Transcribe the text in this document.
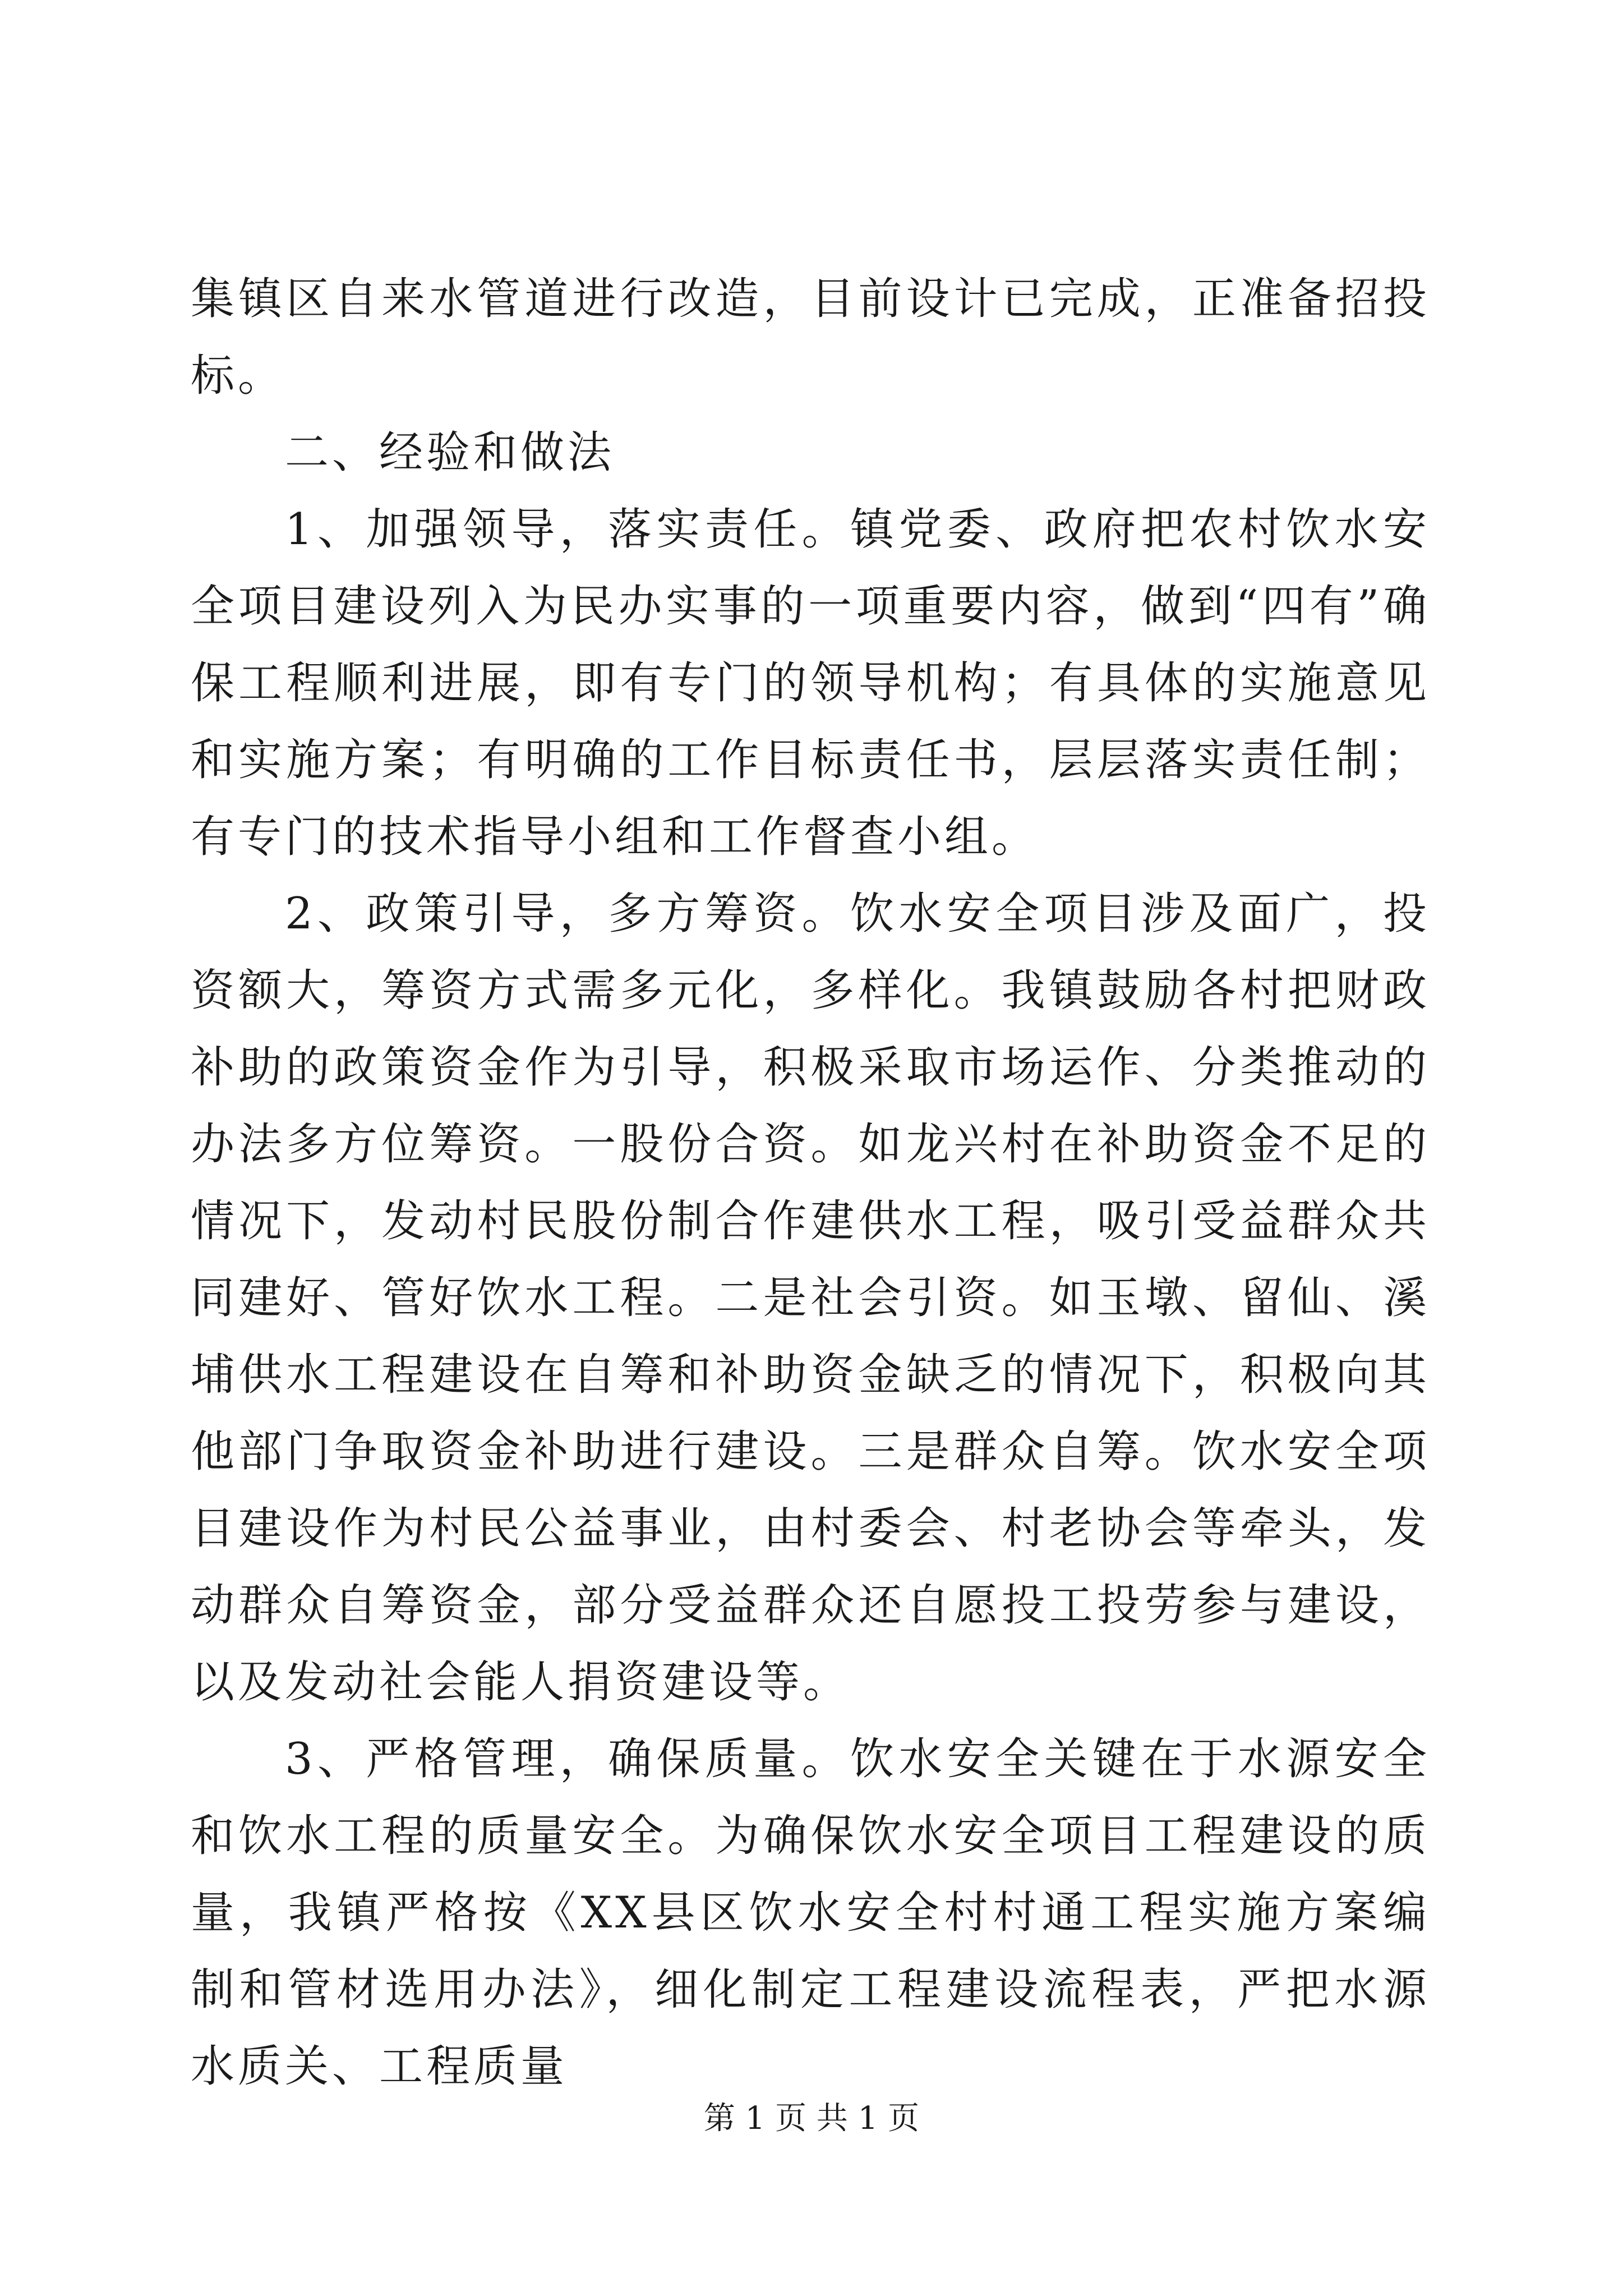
集镇区自来水管道进行改造，目前设计已完成，正准备招投标。

二、经验和做法

1、加强领导，落实责任。镇党委、政府把农村饮水安全项目建设列入为民办实事的一项重要内容，做到“四有”确保工程顺利进展，即有专门的领导机构；有具体的实施意见和实施方案；有明确的工作目标责任书，层层落实责任制；有专门的技术指导小组和工作督查小组。

2、政策引导，多方筹资。饮水安全项目涉及面广，投资额大，筹资方式需多元化，多样化。我镇鼓励各村把财政补助的政策资金作为引导，积极采取市场运作、分类推动的办法多方位筹资。一股份合资。如龙兴村在补助资金不足的情况下，发动村民股份制合作建供水工程，吸引受益群众共同建好、管好饮水工程。二是社会引资。如玉墩、留仙、溪埔供水工程建设在自筹和补助资金缺乏的情况下，积极向其他部门争取资金补助进行建设。三是群众自筹。饮水安全项目建设作为村民公益事业，由村委会、村老协会等牵头，发动群众自筹资金，部分受益群众还自愿投工投劳参与建设，以及发动社会能人捐资建设等。

3、严格管理，确保质量。饮水安全关键在于水源安全和饮水工程的质量安全。为确保饮水安全项目工程建设的质量，我镇严格按《XX县区饮水安全村村通工程实施方案编制和管材选用办法》，细化制定工程建设流程表，严把水源水质关、工程质量

第 1 页 共 1 页
